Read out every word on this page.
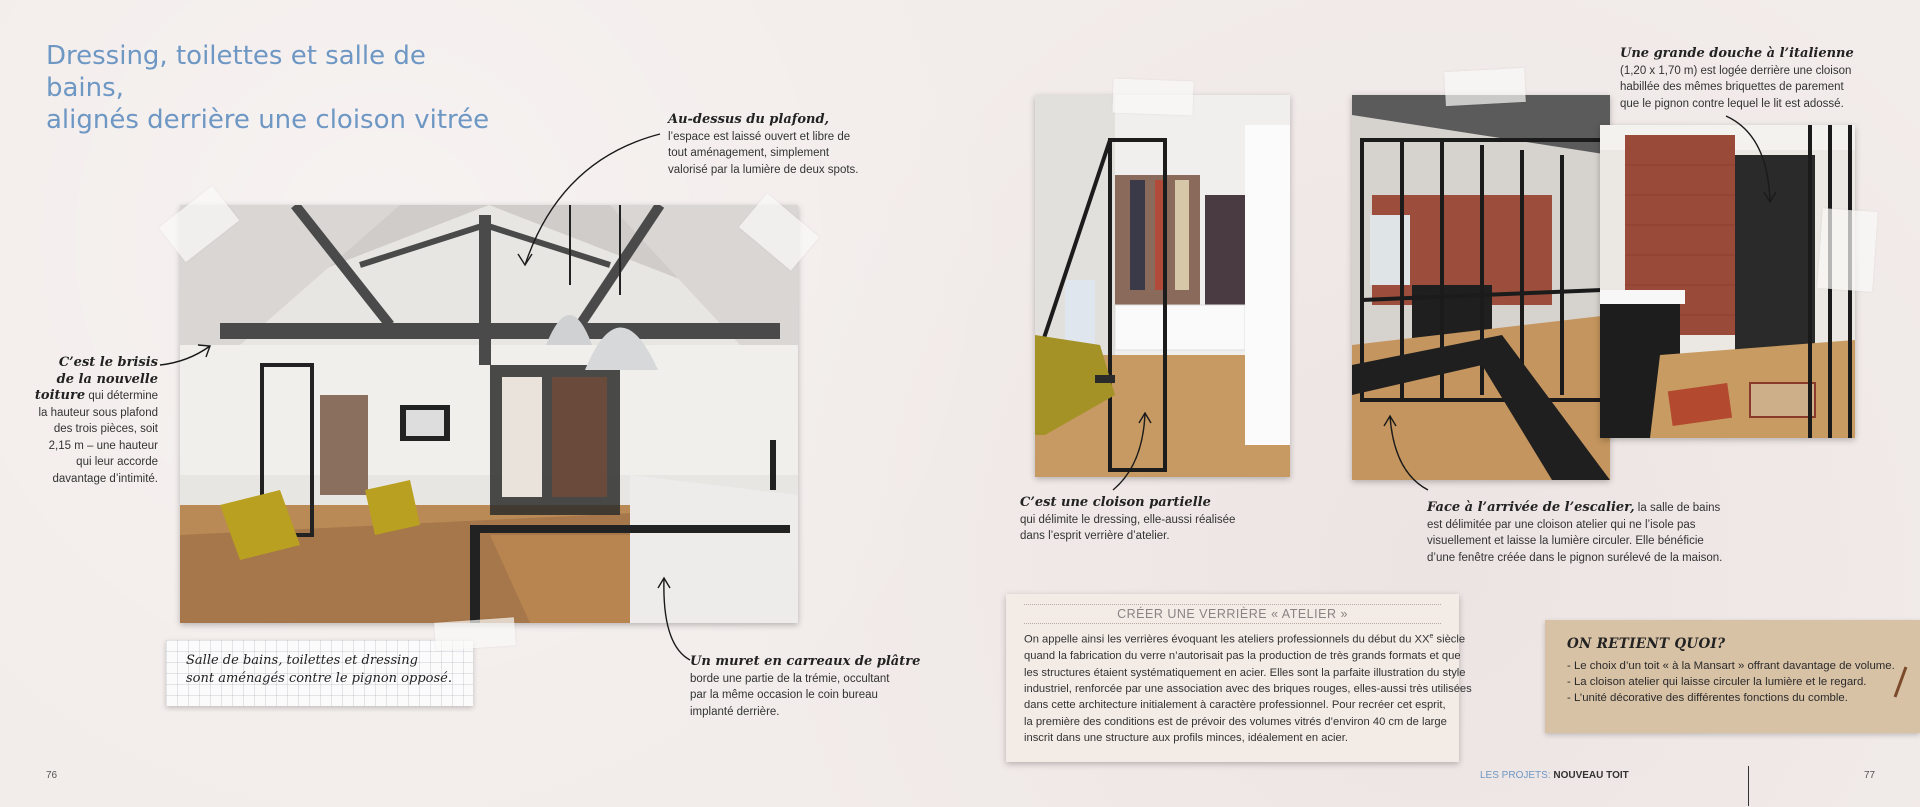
Dressing, toilettes et salle de bains,
alignés derrière une cloison vitrée	Au-dessus du plafond,
l’espace est laissé ouvert et libre de
tout aménagement, simplement
valorisé par la lumière de deux spots.
C’est le brisis
de la nouvelle
toiture qui détermine
la hauteur sous plafond
des trois pièces, soit
2,15 m – une hauteur
qui leur accorde
davantage d’intimité.
Salle de bains, toilettes et dressing
sont aménagés contre le pignon opposé.
Un muret en carreaux de plâtre
borde une partie de la trémie, occultant
par la même occasion le coin bureau
implanté derrière.
C’est une cloison partielle
qui délimite le dressing, elle-aussi réalisée
dans l’esprit verrière d’atelier.
Une grande douche à l’italienne
(1,20 x 1,70 m) est logée derrière une cloison
habillée des mêmes briquettes de parement
que le pignon contre lequel le lit est adossé.
Face à l’arrivée de l’escalier, la salle de bains
est délimitée par une cloison atelier qui ne l’isole pas
visuellement et laisse la lumière circuler. Elle bénéficie
d’une fenêtre créée dans le pignon surélevé de la maison.
CRÉER UNE VERRIÈRE « ATELIER »
On appelle ainsi les verrières évoquant les ateliers professionnels du début du XXe siècle
quand la fabrication du verre n’autorisait pas la production de très grands formats et que
les structures étaient systématiquement en acier. Elles sont la parfaite illustration du style
industriel, renforcée par une association avec des briques rouges, elles-aussi très utilisées
dans cette architecture initialement à caractère professionnel. Pour recréer cet esprit,
la première des conditions est de prévoir des volumes vitrés d’environ 40 cm de large
inscrit dans une structure aux profils minces, idéalement en acier.
ON RETIENT QUOI?
- Le choix d’un toit « à la Mansart » offrant davantage de volume.
- La cloison atelier qui laisse circuler la lumière et le regard.
- L’unité décorative des différentes fonctions du comble.
76	LES PROJETS: NOUVEAU TOIT	77
